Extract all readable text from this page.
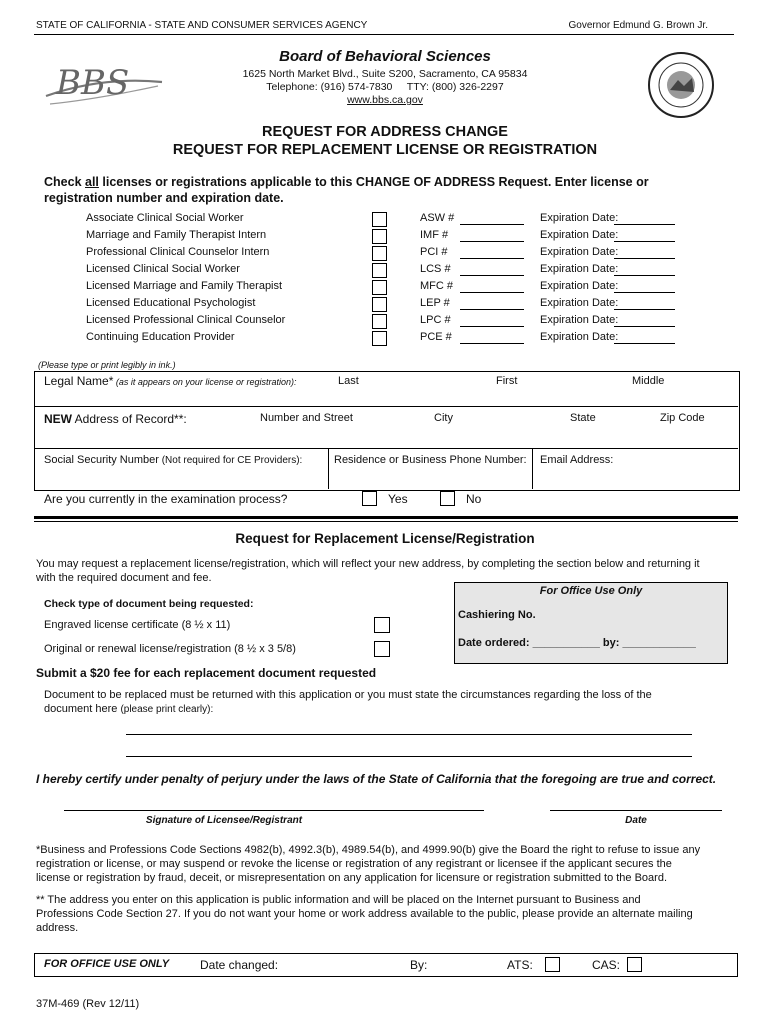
STATE OF CALIFORNIA - STATE AND CONSUMER SERVICES AGENCY	Governor Edmund G. Brown Jr.
BBS
Board of Behavioral Sciences
1625 North Market Blvd., Suite S200, Sacramento, CA 95834
Telephone: (916) 574-7830     TTY: (800) 326-2297
www.bbs.ca.gov
REQUEST FOR ADDRESS CHANGE
REQUEST FOR REPLACEMENT LICENSE OR REGISTRATION
Check all licenses or registrations applicable to this CHANGE OF ADDRESS Request. Enter license or
registration number and expiration date.
Associate Clinical Social Worker	ASW #	Expiration Date:
Marriage and Family Therapist Intern	IMF #	Expiration Date:
Professional Clinical Counselor Intern	PCI #	Expiration Date:
Licensed Clinical Social Worker	LCS #	Expiration Date:
Licensed Marriage and Family Therapist	MFC #	Expiration Date:
Licensed Educational Psychologist	LEP #	Expiration Date:
Licensed Professional Clinical Counselor	LPC #	Expiration Date:
Continuing Education Provider	PCE #	Expiration Date:
(Please type or print legibly in ink.)
Legal Name* (as it appears on your license or registration):	Last	First	Middle
NEW Address of Record**:	Number and Street	City	State	Zip Code
Social Security Number (Not required for CE Providers):	Residence or Business Phone Number: Email Address:
Are you currently in the examination process?	Yes	No
Request for Replacement License/Registration
You may request a replacement license/registration, which will reflect your new address, by completing the section below and returning it
with the required document and fee.
For Office Use Only
Cashiering No.
Date ordered: ___________ by: ____________
Check type of document being requested:
Engraved license certificate (8 ½ x 11)
Original or renewal license/registration (8 ½ x 3 5/8)
Submit a $20 fee for each replacement document requested
Document to be replaced must be returned with this application or you must state the circumstances regarding the loss of the
document here (please print clearly):
I hereby certify under penalty of perjury under the laws of the State of California that the foregoing are true and correct.
Signature of Licensee/Registrant	Date
*Business and Professions Code Sections 4982(b), 4992.3(b), 4989.54(b), and 4999.90(b) give the Board the right to refuse to issue any
registration or license, or may suspend or revoke the license or registration of any registrant or licensee if the applicant secures the
license or registration by fraud, deceit, or misrepresentation on any application for licensure or registration submitted to the Board.
** The address you enter on this application is public information and will be placed on the Internet pursuant to Business and
Professions Code Section 27. If you do not want your home or work address available to the public, please provide an alternate mailing
address.
FOR OFFICE USE ONLY	Date changed:	By:	ATS:	CAS:
37M-469 (Rev 12/11)
